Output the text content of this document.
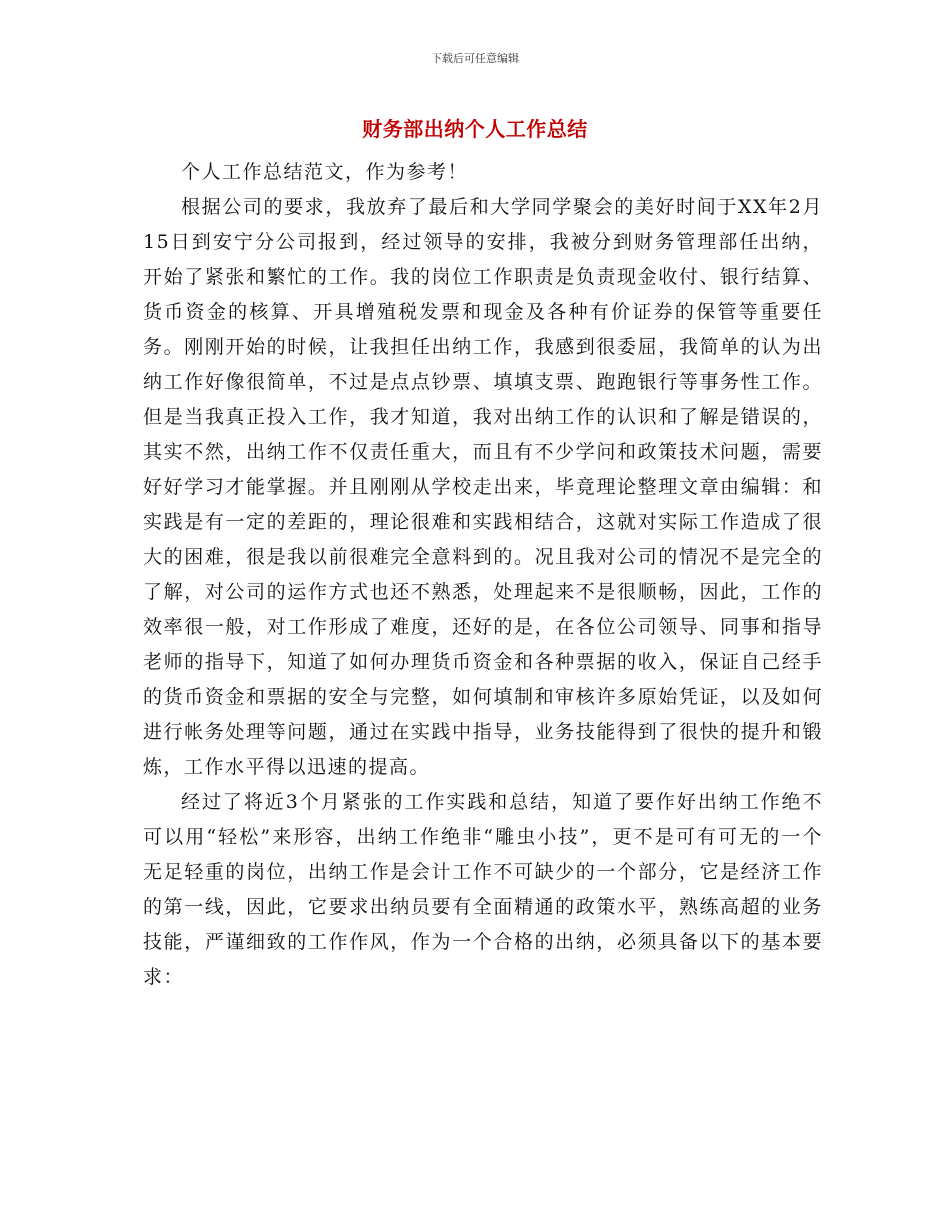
下载后可任意编辑
财务部出纳个人工作总结

个人工作总结范文，作为参考！

根据公司的要求，我放弃了最后和大学同学聚会的美好时间于XX年2月15日到安宁分公司报到，经过领导的安排，我被分到财务管理部任出纳，开始了紧张和繁忙的工作。我的岗位工作职责是负责现金收付、银行结算、货币资金的核算、开具增殖税发票和现金及各种有价证券的保管等重要任务。刚刚开始的时候，让我担任出纳工作，我感到很委屈，我简单的认为出纳工作好像很简单，不过是点点钞票、填填支票、跑跑银行等事务性工作。但是当我真正投入工作，我才知道，我对出纳工作的认识和了解是错误的，其实不然，出纳工作不仅责任重大，而且有不少学问和政策技术问题，需要好好学习才能掌握。并且刚刚从学校走出来，毕竟理论整理文章由编辑：和实践是有一定的差距的，理论很难和实践相结合，这就对实际工作造成了很大的困难，很是我以前很难完全意料到的。况且我对公司的情况不是完全的了解，对公司的运作方式也还不熟悉，处理起来不是很顺畅，因此，工作的效率很一般，对工作形成了难度，还好的是，在各位公司领导、同事和指导老师的指导下，知道了如何办理货币资金和各种票据的收入，保证自己经手的货币资金和票据的安全与完整，如何填制和审核许多原始凭证，以及如何进行帐务处理等问题，通过在实践中指导，业务技能得到了很快的提升和锻炼，工作水平得以迅速的提高。

经过了将近3个月紧张的工作实践和总结，知道了要作好出纳工作绝不可以用“轻松”来形容，出纳工作绝非“雕虫小技”，更不是可有可无的一个无足轻重的岗位，出纳工作是会计工作不可缺少的一个部分，它是经济工作的第一线，因此，它要求出纳员要有全面精通的政策水平，熟练高超的业务技能，严谨细致的工作作风，作为一个合格的出纳，必须具备以下的基本要求：
